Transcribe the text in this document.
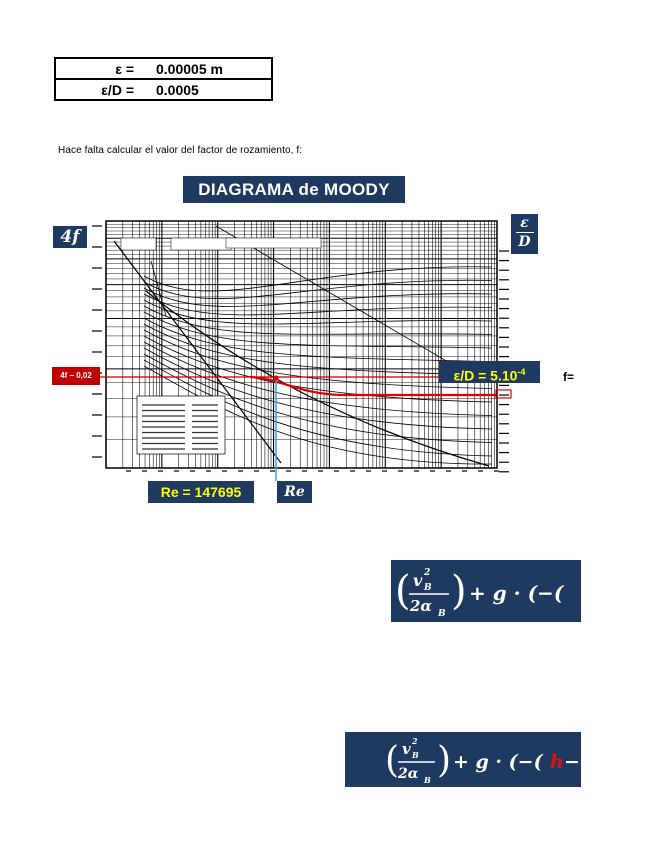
ε = 0.00005 m
ε/D = 0.0005
Hace falta calcular el valor del factor de rozamiento, f:
DIAGRAMA de MOODY
4f
ε
D
4f – 0,02	$\varepsilon/D = 5.10^{-4}$	f=
Re = 147695	Re
( v 2
B
2α B ) + g · (−(
( v 2
B
2α B ) + g · (−( h −
